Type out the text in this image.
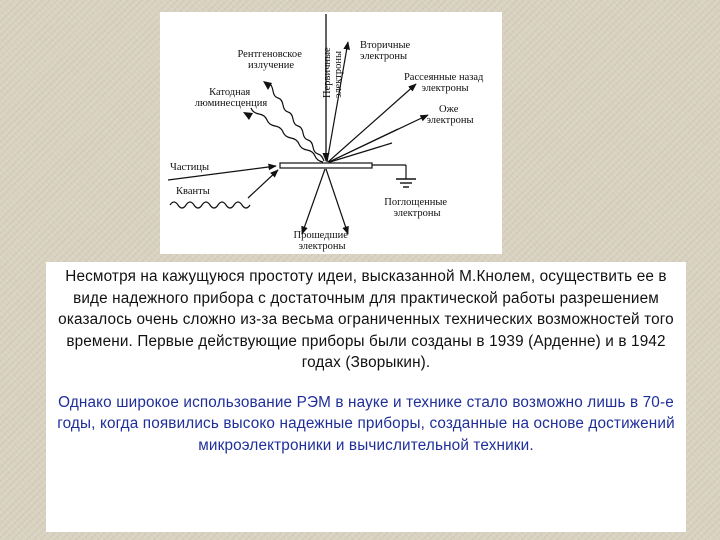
Рентгеновское излучение	Первичные электроны
Вторичные электроны
Рассеянные назад электроны
Катодная люминесценция
Оже электроны
Частицы
Кванты
Поглощенные электроны
Прошедшие электроны

Несмотря на кажущуюся простоту идеи, высказанной М.Кнолем, осуществить ее в виде надежного прибора с достаточным для практической работы разрешением оказалось очень сложно из-за весьма ограниченных технических возможностей того времени. Первые действующие приборы были созданы в 1939 (Арденне) и в 1942 годах (Зворыкин).

Однако широкое использование РЭМ в науке и технике стало возможно лишь в 70-е годы, когда появились высоко надежные приборы, созданные на основе достижений микроэлектроники и вычислительной техники.
